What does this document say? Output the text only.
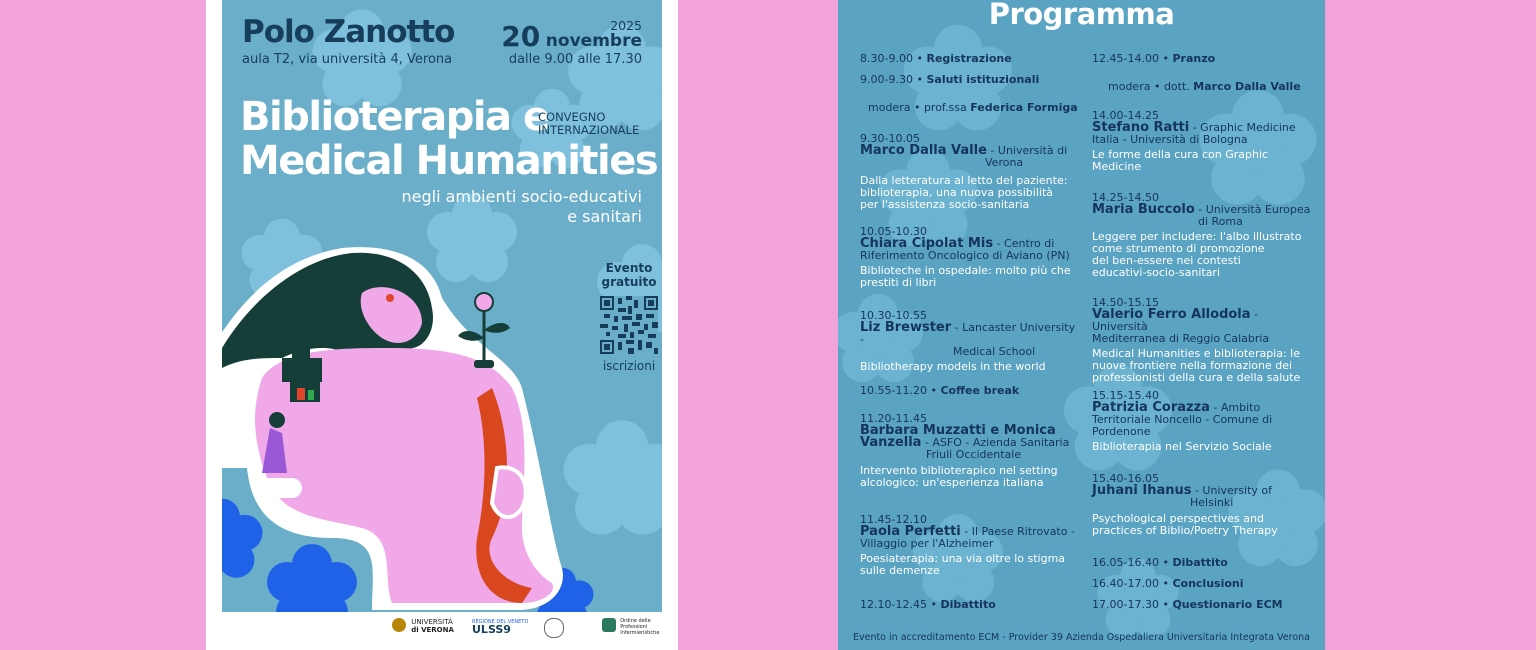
Polo Zanotto
aula T2, via università 4, Verona
2025
20 novembre
dalle 9.00 alle 17.30
Biblioterapia e
CONVEGNO
INTERNAZIONALE
Medical Humanities
negli ambienti socio-educativi
e sanitari
Evento
gratuito
iscrizioni

UNIVERSITÀ
di VERONA
REGIONE DEL VENETO
ULSS9

Ordine delle
Professioni
Infermieristiche
Programma
8.30-9.00 • Registrazione
9.00-9.30 • Saluti istituzionali
modera • prof.ssa Federica Formiga
9.30-10.05
Marco Dalla Valle - Università di
Verona
Dalla letteratura al letto del paziente:
biblioterapia, una nuova possibilità
per l'assistenza socio-sanitaria
10.05-10.30
Chiara Cipolat Mis - Centro di
Riferimento Oncologico di Aviano (PN)
Biblioteche in ospedale: molto più che
prestiti di libri
10.30-10.55
Liz Brewster - Lancaster University -
Medical School
Bibliotherapy models in the world
10.55-11.20 • Coffee break
11.20-11.45
Barbara Muzzatti e Monica
Vanzella - ASFO - Azienda Sanitaria
Friuli Occidentale
Intervento biblioterapico nel setting
alcologico: un'esperienza italiana
11.45-12.10
Paola Perfetti - Il Paese Ritrovato -
Villaggio per l'Alzheimer
Poesiaterapia: una via oltre lo stigma
sulle demenze
12.10-12.45 • Dibattito
12.45-14.00 • Pranzo
modera • dott. Marco Dalla Valle
14.00-14.25
Stefano Ratti - Graphic Medicine
Italia - Università di Bologna
Le forme della cura con Graphic
Medicine
14.25-14.50
Maria Buccolo - Università Europea
di Roma
Leggere per includere: l'albo illustrato
come strumento di promozione
del ben-essere nei contesti
educativi-socio-sanitari
14.50-15.15
Valerio Ferro Allodola - Università
Mediterranea di Reggio Calabria
Medical Humanities e biblioterapia: le
nuove frontiere nella formazione dei
professionisti della cura e della salute
15.15-15.40
Patrizia Corazza - Ambito
Territoriale Noncello - Comune di
Pordenone
Biblioterapia nel Servizio Sociale
15.40-16.05
Juhani Ihanus - University of
Helsinki
Psychological perspectives and
practices of Biblio/Poetry Therapy
16.05-16.40 • Dibattito
16.40-17.00 • Conclusioni
17.00-17.30 • Questionario ECM
Evento in accreditamento ECM - Provider 39 Azienda Ospedaliera Universitaria Integrata Verona
